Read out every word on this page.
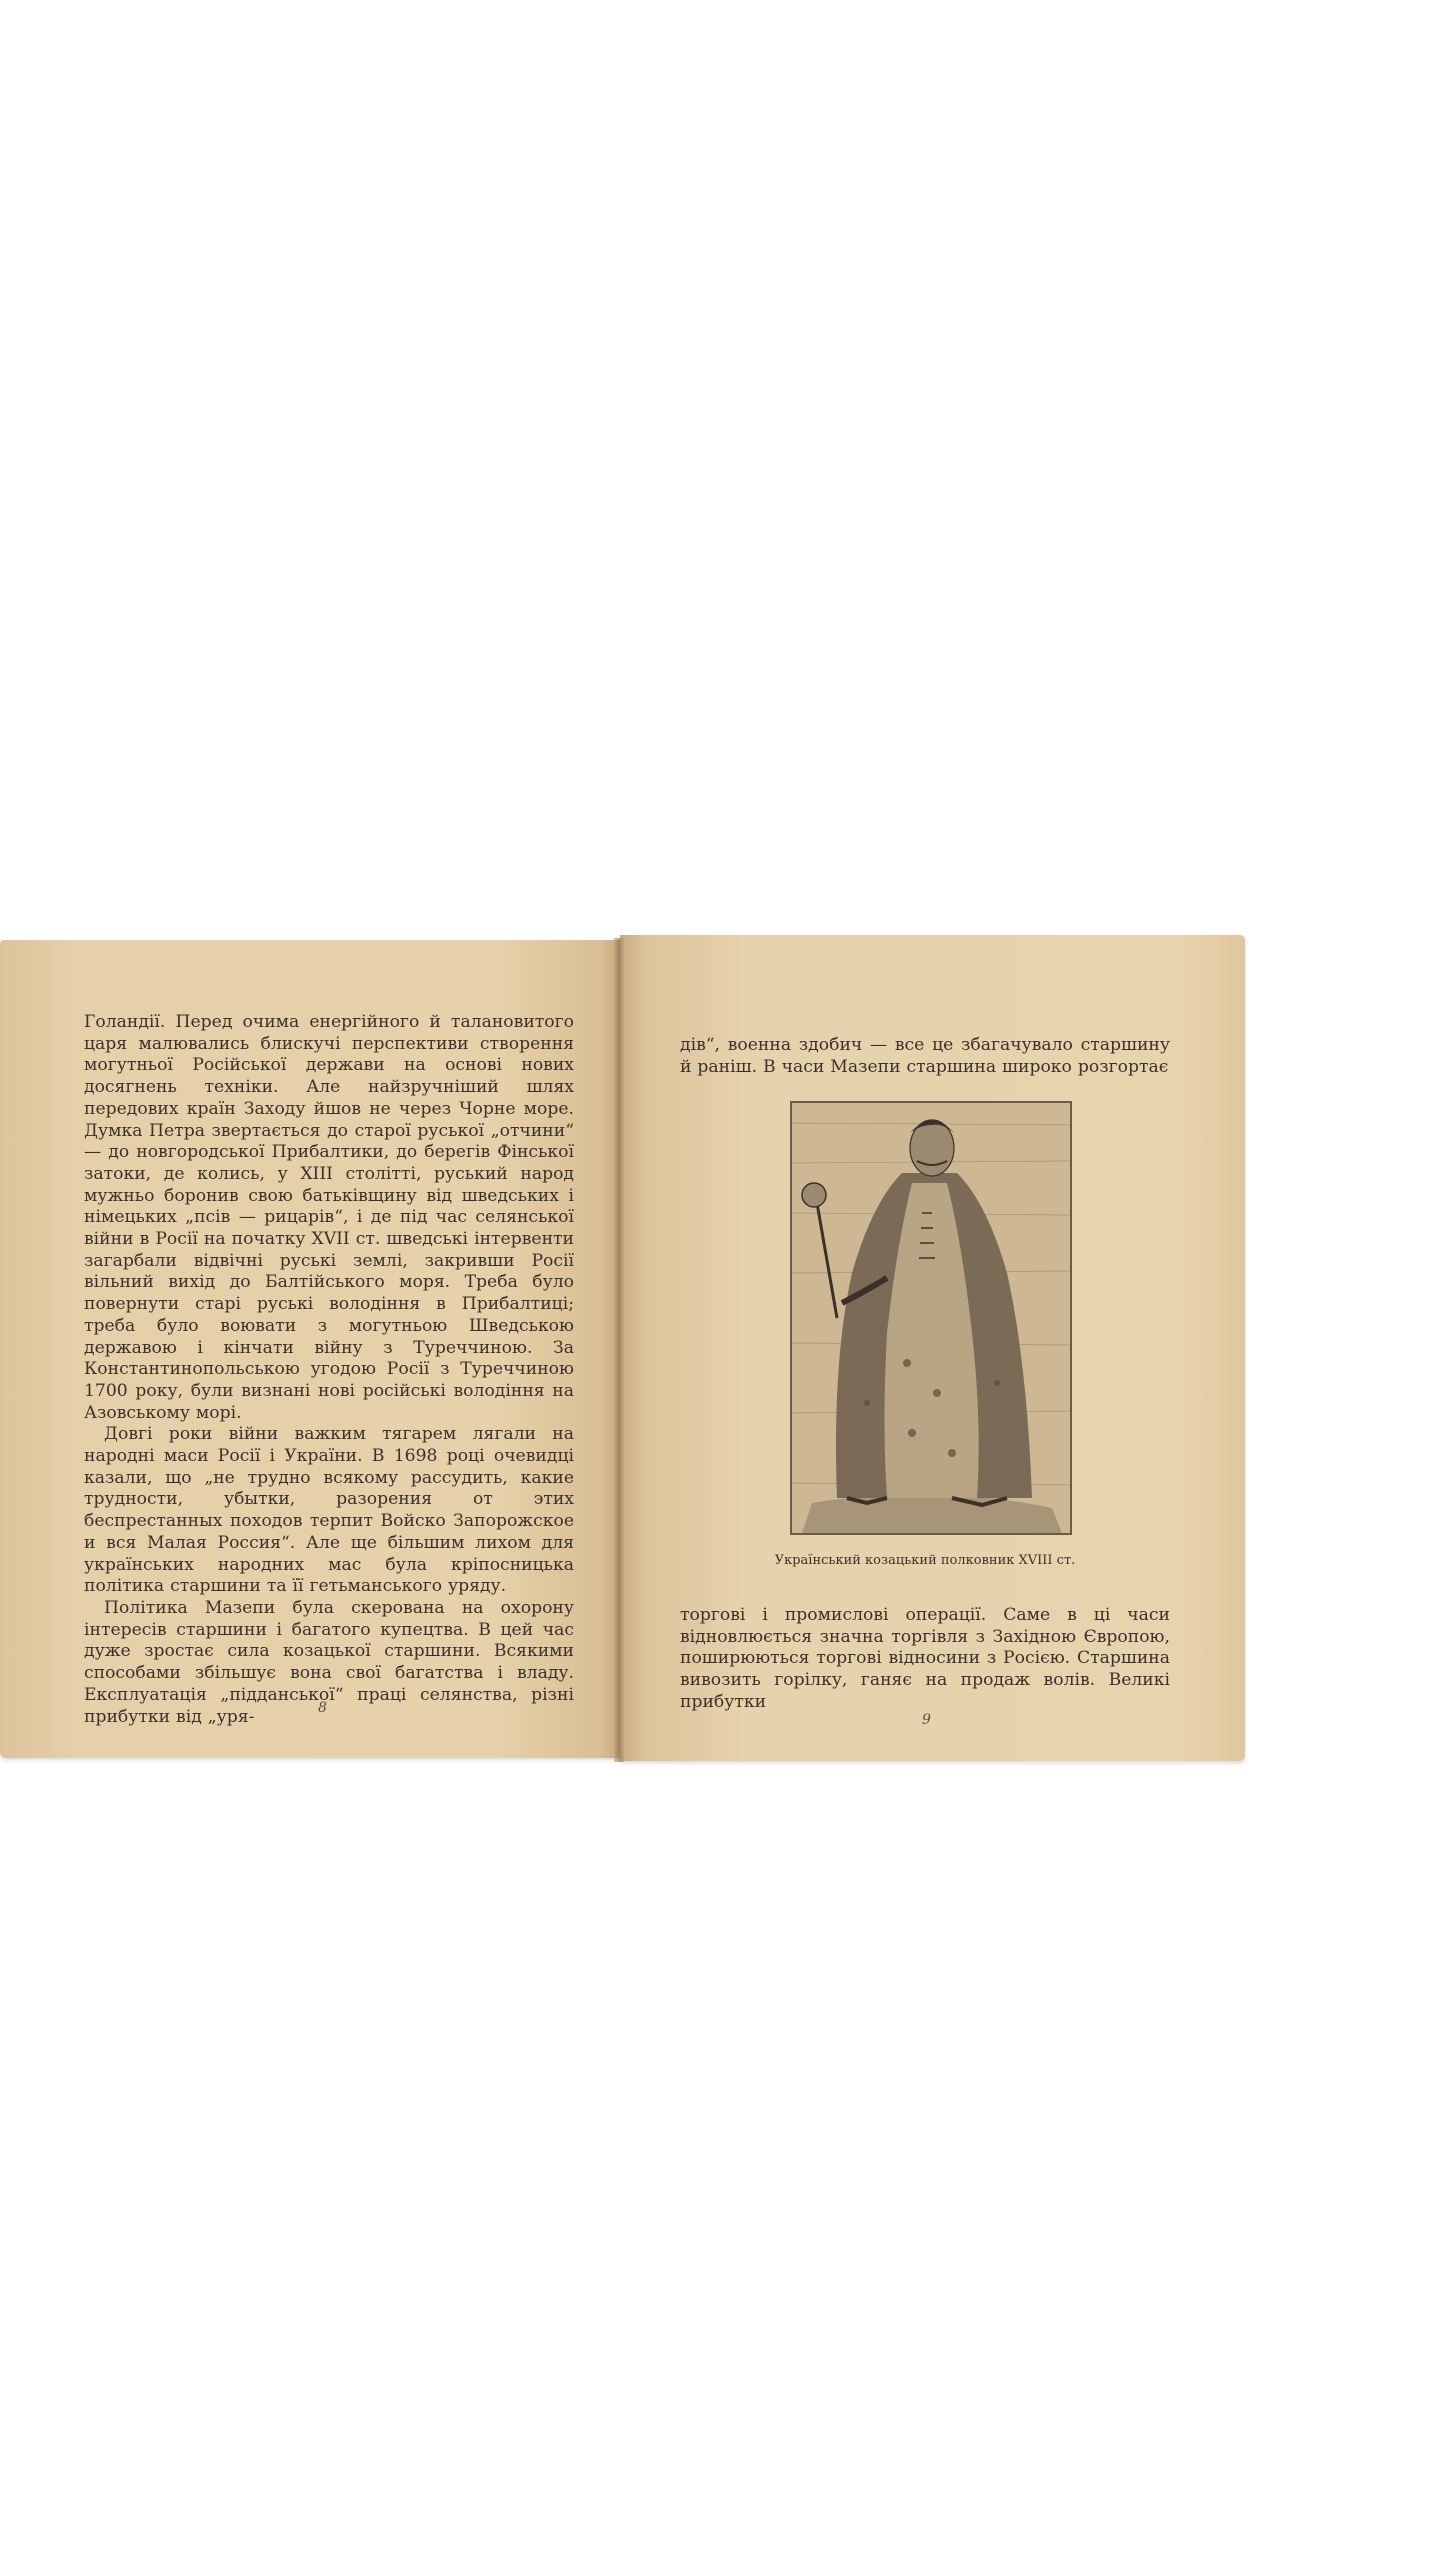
Голандії. Перед очима енергійного й талановитого царя малювались блискучі перспективи створення могутньої Російської держави на основі нових досягнень техніки. Але найзручніший шлях передових країн Заходу йшов не через Чорне море. Думка Петра звертається до старої руської „отчини“ — до новгородської Прибалтики, до берегів Фінської затоки, де колись, у XIII столітті, руський народ мужньо боронив свою батьківщину від шведських і німецьких „псів — рицарів“, і де під час селянської війни в Росії на початку XVII ст. шведські інтервенти загарбали відвічні руські землі, закривши Росії вільний вихід до Балтійського моря. Треба було повернути старі руські володіння в Прибалтиці; треба було воювати з могутньою Шведською державою і кінчати війну з Туреччиною. За Константинопольською угодою Росії з Туреччиною 1700 року, були визнані нові російські володіння на Азовському морі.

Довгі роки війни важким тягарем лягали на народні маси Росії і України. В 1698 році очевидці казали, що „не трудно всякому рассудить, какие трудности, убытки, разорения от этих беспрестанных походов терпит Войско Запорожское и вся Малая Россия“. Але ще більшим лихом для українських народних мас була кріпосницька політика старшини та її гетьманського уряду.

Політика Мазепи була скерована на охорону інтересів старшини і багатого купецтва. В цей час дуже зростає сила козацької старшини. Всякими способами збільшує вона свої багатства і владу. Експлуатація „підданської“ праці селянства, різні прибутки від „уря-	8

дів“, военна здобич — все це збагачувало старшину й раніш. В часи Мазепи старшина широко розгортає

Український козацький полковник XVIII ст.

торгові і промислові операції. Саме в ці часи відновлюється значна торгівля з Західною Європою, поширюються торгові відносини з Росією. Старшина вивозить горілку, ганяє на продаж волів. Великі прибутки

9
